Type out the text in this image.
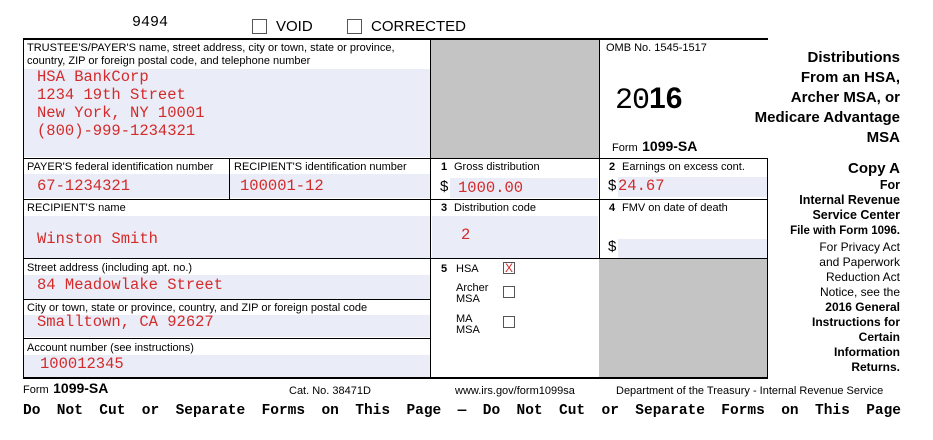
9494	VOID	CORRECTED
TRUSTEE'S/PAYER'S name, street address, city or town, state or province,
country, ZIP or foreign postal code, and telephone number
HSA BankCorp
1234 19th Street
New York, NY 10001
(800)-999-1234321
OMB No. 1545-1517
2016
Form 1099-SA
Distributions
From an HSA,
Archer MSA, or
Medicare Advantage
MSA
PAYER'S federal identification number
67-1234321
RECIPIENT'S identification number
100001-12
1 Gross distribution
$ 1000.00
2 Earnings on excess cont.
$ 24.67
Copy A
For
Internal Revenue
Service Center
File with Form 1096.
For Privacy Act
and Paperwork
Reduction Act
Notice, see the
2016 General
Instructions for
Certain
Information
Returns.
RECIPIENT'S name
Winston Smith
3 Distribution code
2
4 FMV on date of death
$
Street address (including apt. no.)
84 Meadowlake Street
City or town, state or province, country, and ZIP or foreign postal code
Smalltown, CA 92627
Account number (see instructions)
100012345
5 HSA X
Archer
MSA
MA
MSA
Form 1099-SA	Cat. No. 38471D	www.irs.gov/form1099sa	Department of the Treasury - Internal Revenue Service
Do Not Cut or Separate Forms on This Page — Do Not Cut or Separate Forms on This Page
